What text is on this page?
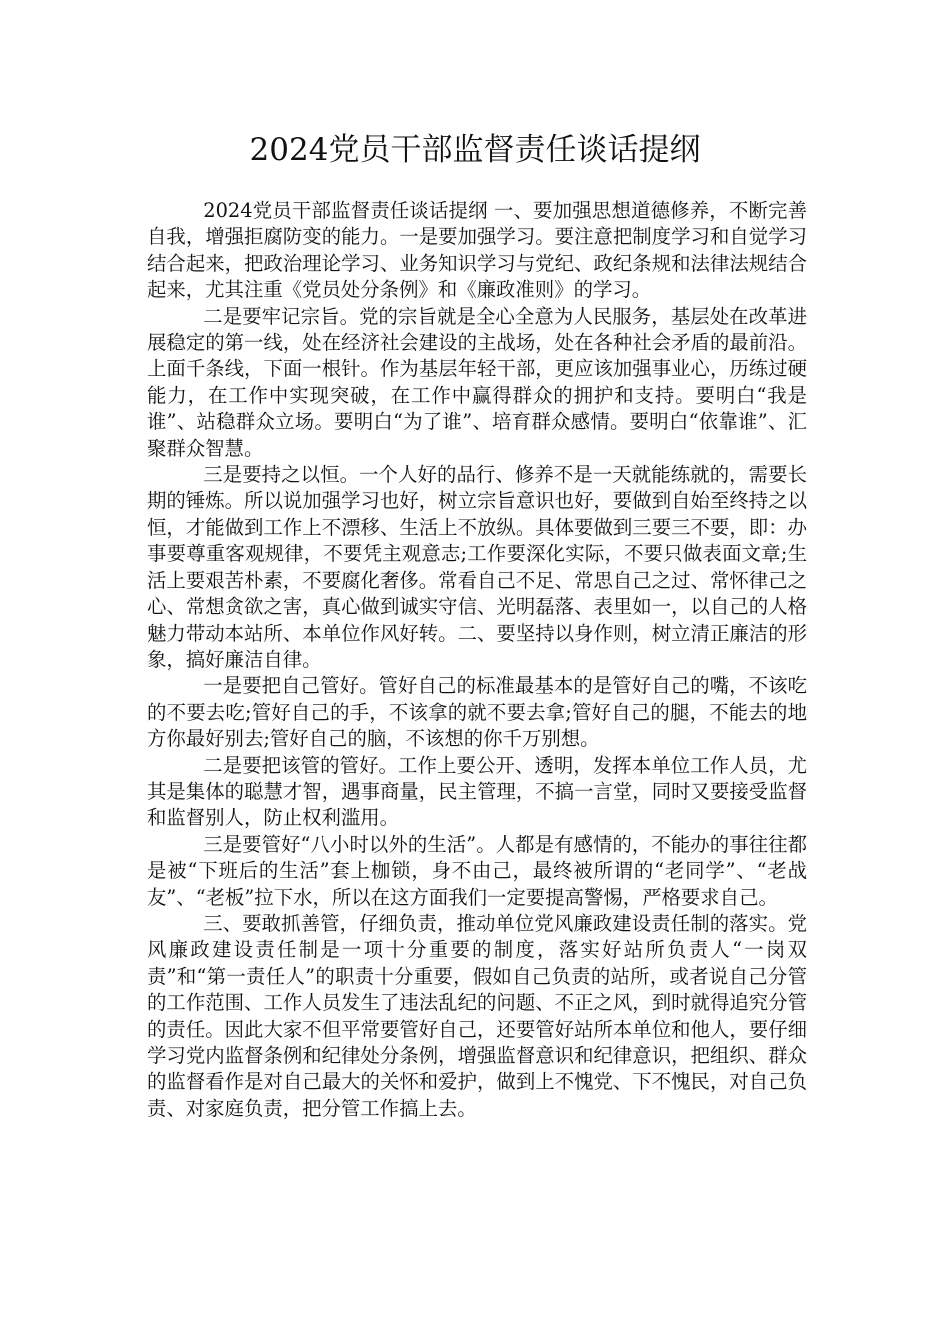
2024党员干部监督责任谈话提纲

2024党员干部监督责任谈话提纲 一、要加强思想道德修养，不断完善自我，增强拒腐防变的能力。一是要加强学习。要注意把制度学习和自觉学习结合起来，把政治理论学习、业务知识学习与党纪、政纪条规和法律法规结合起来，尤其注重《党员处分条例》和《廉政准则》的学习。

二是要牢记宗旨。党的宗旨就是全心全意为人民服务，基层处在改革进展稳定的第一线，处在经济社会建设的主战场，处在各种社会矛盾的最前沿。上面千条线，下面一根针。作为基层年轻干部，更应该加强事业心，历练过硬能力，在工作中实现突破，在工作中赢得群众的拥护和支持。要明白“我是谁”、站稳群众立场。要明白“为了谁”、培育群众感情。要明白“依靠谁”、汇聚群众智慧。

三是要持之以恒。一个人好的品行、修养不是一天就能练就的，需要长期的锤炼。所以说加强学习也好，树立宗旨意识也好，要做到自始至终持之以恒，才能做到工作上不漂移、生活上不放纵。具体要做到三要三不要，即：办事要尊重客观规律，不要凭主观意志;工作要深化实际，不要只做表面文章;生活上要艰苦朴素，不要腐化奢侈。常看自己不足、常思自己之过、常怀律己之心、常想贪欲之害，真心做到诚实守信、光明磊落、表里如一，以自己的人格魅力带动本站所、本单位作风好转。二、要坚持以身作则，树立清正廉洁的形象，搞好廉洁自律。

一是要把自己管好。管好自己的标准最基本的是管好自己的嘴，不该吃的不要去吃;管好自己的手，不该拿的就不要去拿;管好自己的腿，不能去的地方你最好别去;管好自己的脑，不该想的你千万别想。

二是要把该管的管好。工作上要公开、透明，发挥本单位工作人员，尤其是集体的聪慧才智，遇事商量，民主管理，不搞一言堂，同时又要接受监督和监督别人，防止权利滥用。

三是要管好“八小时以外的生活”。人都是有感情的，不能办的事往往都是被“下班后的生活”套上枷锁，身不由己，最终被所谓的“老同学”、“老战友”、“老板”拉下水，所以在这方面我们一定要提高警惕，严格要求自己。

三、要敢抓善管，仔细负责，推动单位党风廉政建设责任制的落实。党风廉政建设责任制是一项十分重要的制度，落实好站所负责人“一岗双责”和“第一责任人”的职责十分重要，假如自己负责的站所，或者说自己分管的工作范围、工作人员发生了违法乱纪的问题、不正之风，到时就得追究分管的责任。因此大家不但平常要管好自己，还要管好站所本单位和他人，要仔细学习党内监督条例和纪律处分条例，增强监督意识和纪律意识，把组织、群众的监督看作是对自己最大的关怀和爱护，做到上不愧党、下不愧民，对自己负责、对家庭负责，把分管工作搞上去。
